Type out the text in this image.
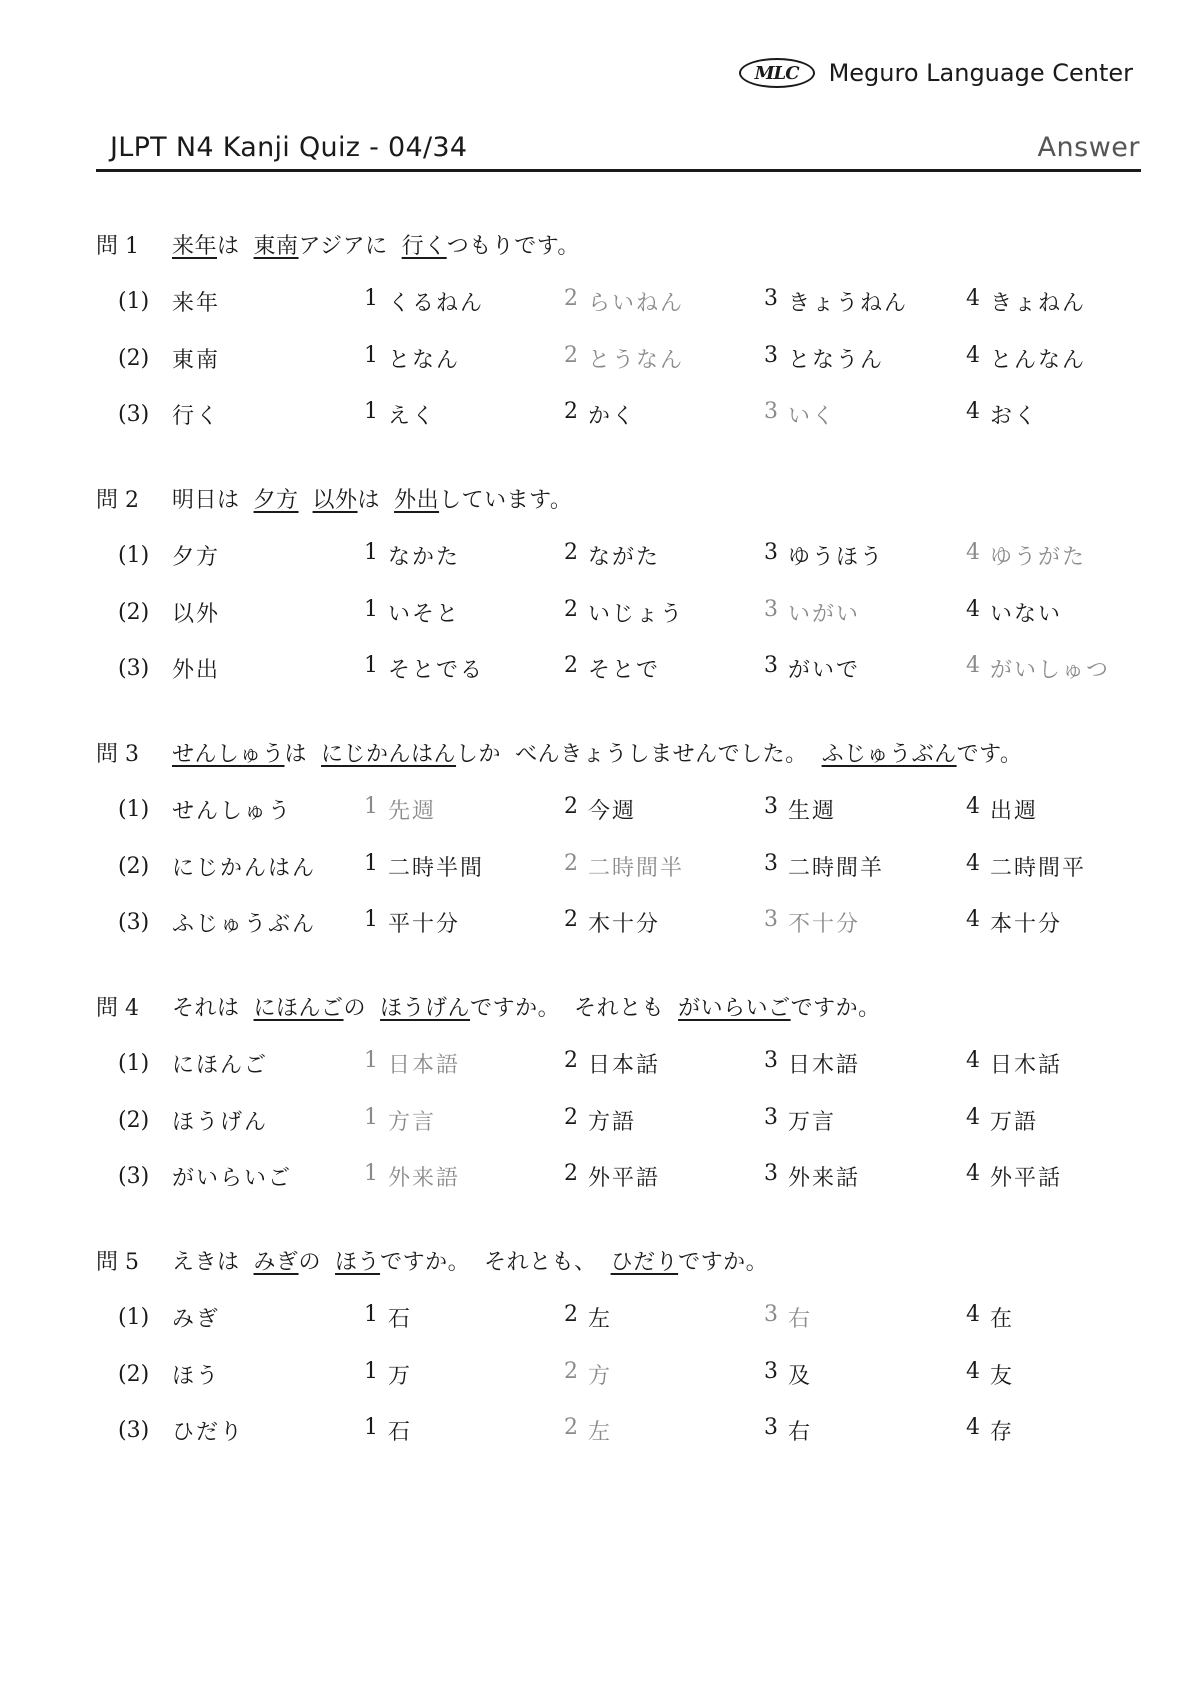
MLC	Meguro Language Center
JLPT N4 Kanji Quiz - 04/34	Answer
問 1	来年は 東南アジアに 行くつもりです。
(1) 来年	1 くるねん	2 らいねん	3 きょうねん	4 きょねん
(2) 東南	1 となん	2 とうなん	3 となうん	4 とんなん
(3) 行く	1 えく	2 かく	3 いく	4 おく
問 2	明日は 夕方 以外は 外出しています。
(1) 夕方	1 なかた	2 ながた	3 ゆうほう	4 ゆうがた
(2) 以外	1 いそと	2 いじょう	3 いがい	4 いない
(3) 外出	1 そとでる	2 そとで	3 がいで	4 がいしゅつ
問 3	せんしゅうは にじかんはんしか べんきょうしませんでした。 ふじゅうぶんです。
(1) せんしゅう	1 先週	2 今週	3 生週	4 出週
(2) にじかんはん 1 二時半間	2 二時間半	3 二時間羊	4 二時間平
(3) ふじゅうぶん 1 平十分	2 木十分	3 不十分	4 本十分
問 4	それは にほんごの ほうげんですか。 それとも がいらいごですか。
(1) にほんご	1 日本語	2 日本話	3 日木語	4 日木話
(2) ほうげん	1 方言	2 方語	3 万言	4 万語
(3) がいらいご	1 外来語	2 外平語	3 外来話	4 外平話
問 5	えきは みぎの ほうですか。 それとも、 ひだりですか。
(1) みぎ	1 石	2 左	3 右	4 在
(2) ほう	1 万	2 方	3 及	4 友
(3) ひだり	1 石	2 左	3 右	4 存
